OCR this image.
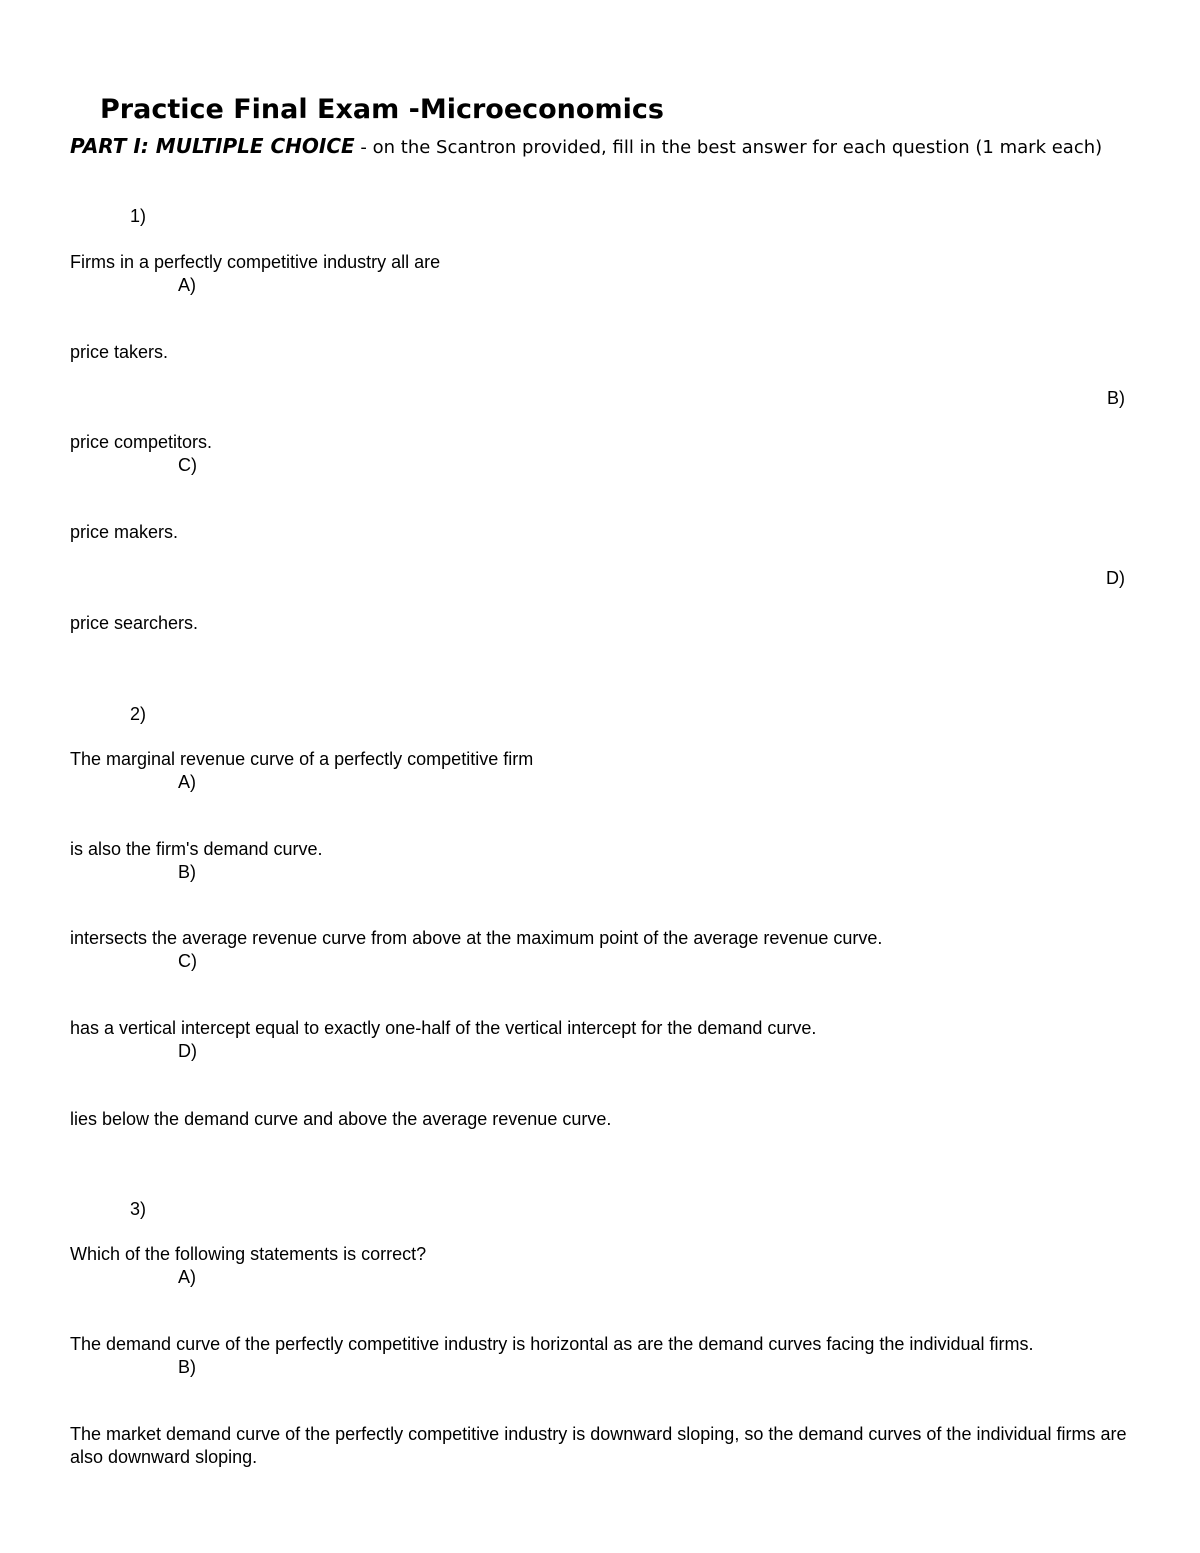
Practice Final Exam -Microeconomics
PART I: MULTIPLE CHOICE - on the Scantron provided, fill in the best answer for each question (1 mark each)
1)
Firms in a perfectly competitive industry all are
A)
price takers.
B)
price competitors.
C)
price makers.
D)
price searchers.
2)
The marginal revenue curve of a perfectly competitive firm
A)
is also the firm's demand curve.
B)
intersects the average revenue curve from above at the maximum point of the average revenue curve.
C)
has a vertical intercept equal to exactly one-half of the vertical intercept for the demand curve.
D)
lies below the demand curve and above the average revenue curve.
3)
Which of the following statements is correct?
A)
The demand curve of the perfectly competitive industry is horizontal as are the demand curves facing the individual firms.
B)
The market demand curve of the perfectly competitive industry is downward sloping, so the demand curves of the individual firms are also downward sloping.
